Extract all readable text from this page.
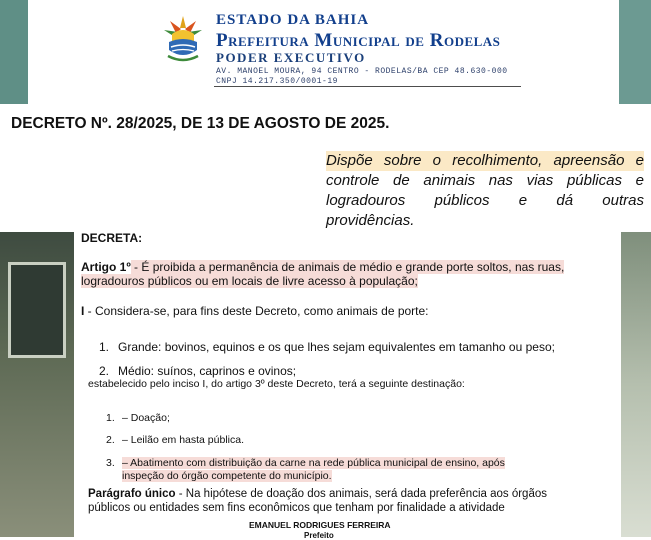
ESTADO DA BAHIA
Prefeitura Municipal de Rodelas
PODER EXECUTIVO
AV. MANOEL MOURA, 94 CENTRO - RODELAS/BA CEP 48.630-000
CNPJ 14.217.350/0001-19
DECRETO Nº. 28/2025, DE 13 DE AGOSTO DE 2025.
Dispõe sobre o recolhimento, apreensão e
controle de animais nas vias públicas e
logradouros públicos e dá outras
providências.
DECRETA:
Artigo 1º - É proibida a permanência de animais de médio e grande porte soltos, nas ruas,
logradouros públicos ou em locais de livre acesso à população;
I - Considera-se, para fins deste Decreto, como animais de porte:
1. Grande: bovinos, equinos e os que lhes sejam equivalentes em tamanho ou peso;
2. Médio: suínos, caprinos e ovinos;
estabelecido pelo inciso I, do artigo 3º deste Decreto, terá a seguinte destinação:
1. – Doação;
2. – Leilão em hasta pública.
3. – Abatimento com distribuição da carne na rede pública municipal de ensino, após
inspeção do órgão competente do município.
Parágrafo único - Na hipótese de doação dos animais, será dada preferência aos órgãos
públicos ou entidades sem fins econômicos que tenham por finalidade a atividade
EMANUEL RODRIGUES FERREIRA
Prefeito
